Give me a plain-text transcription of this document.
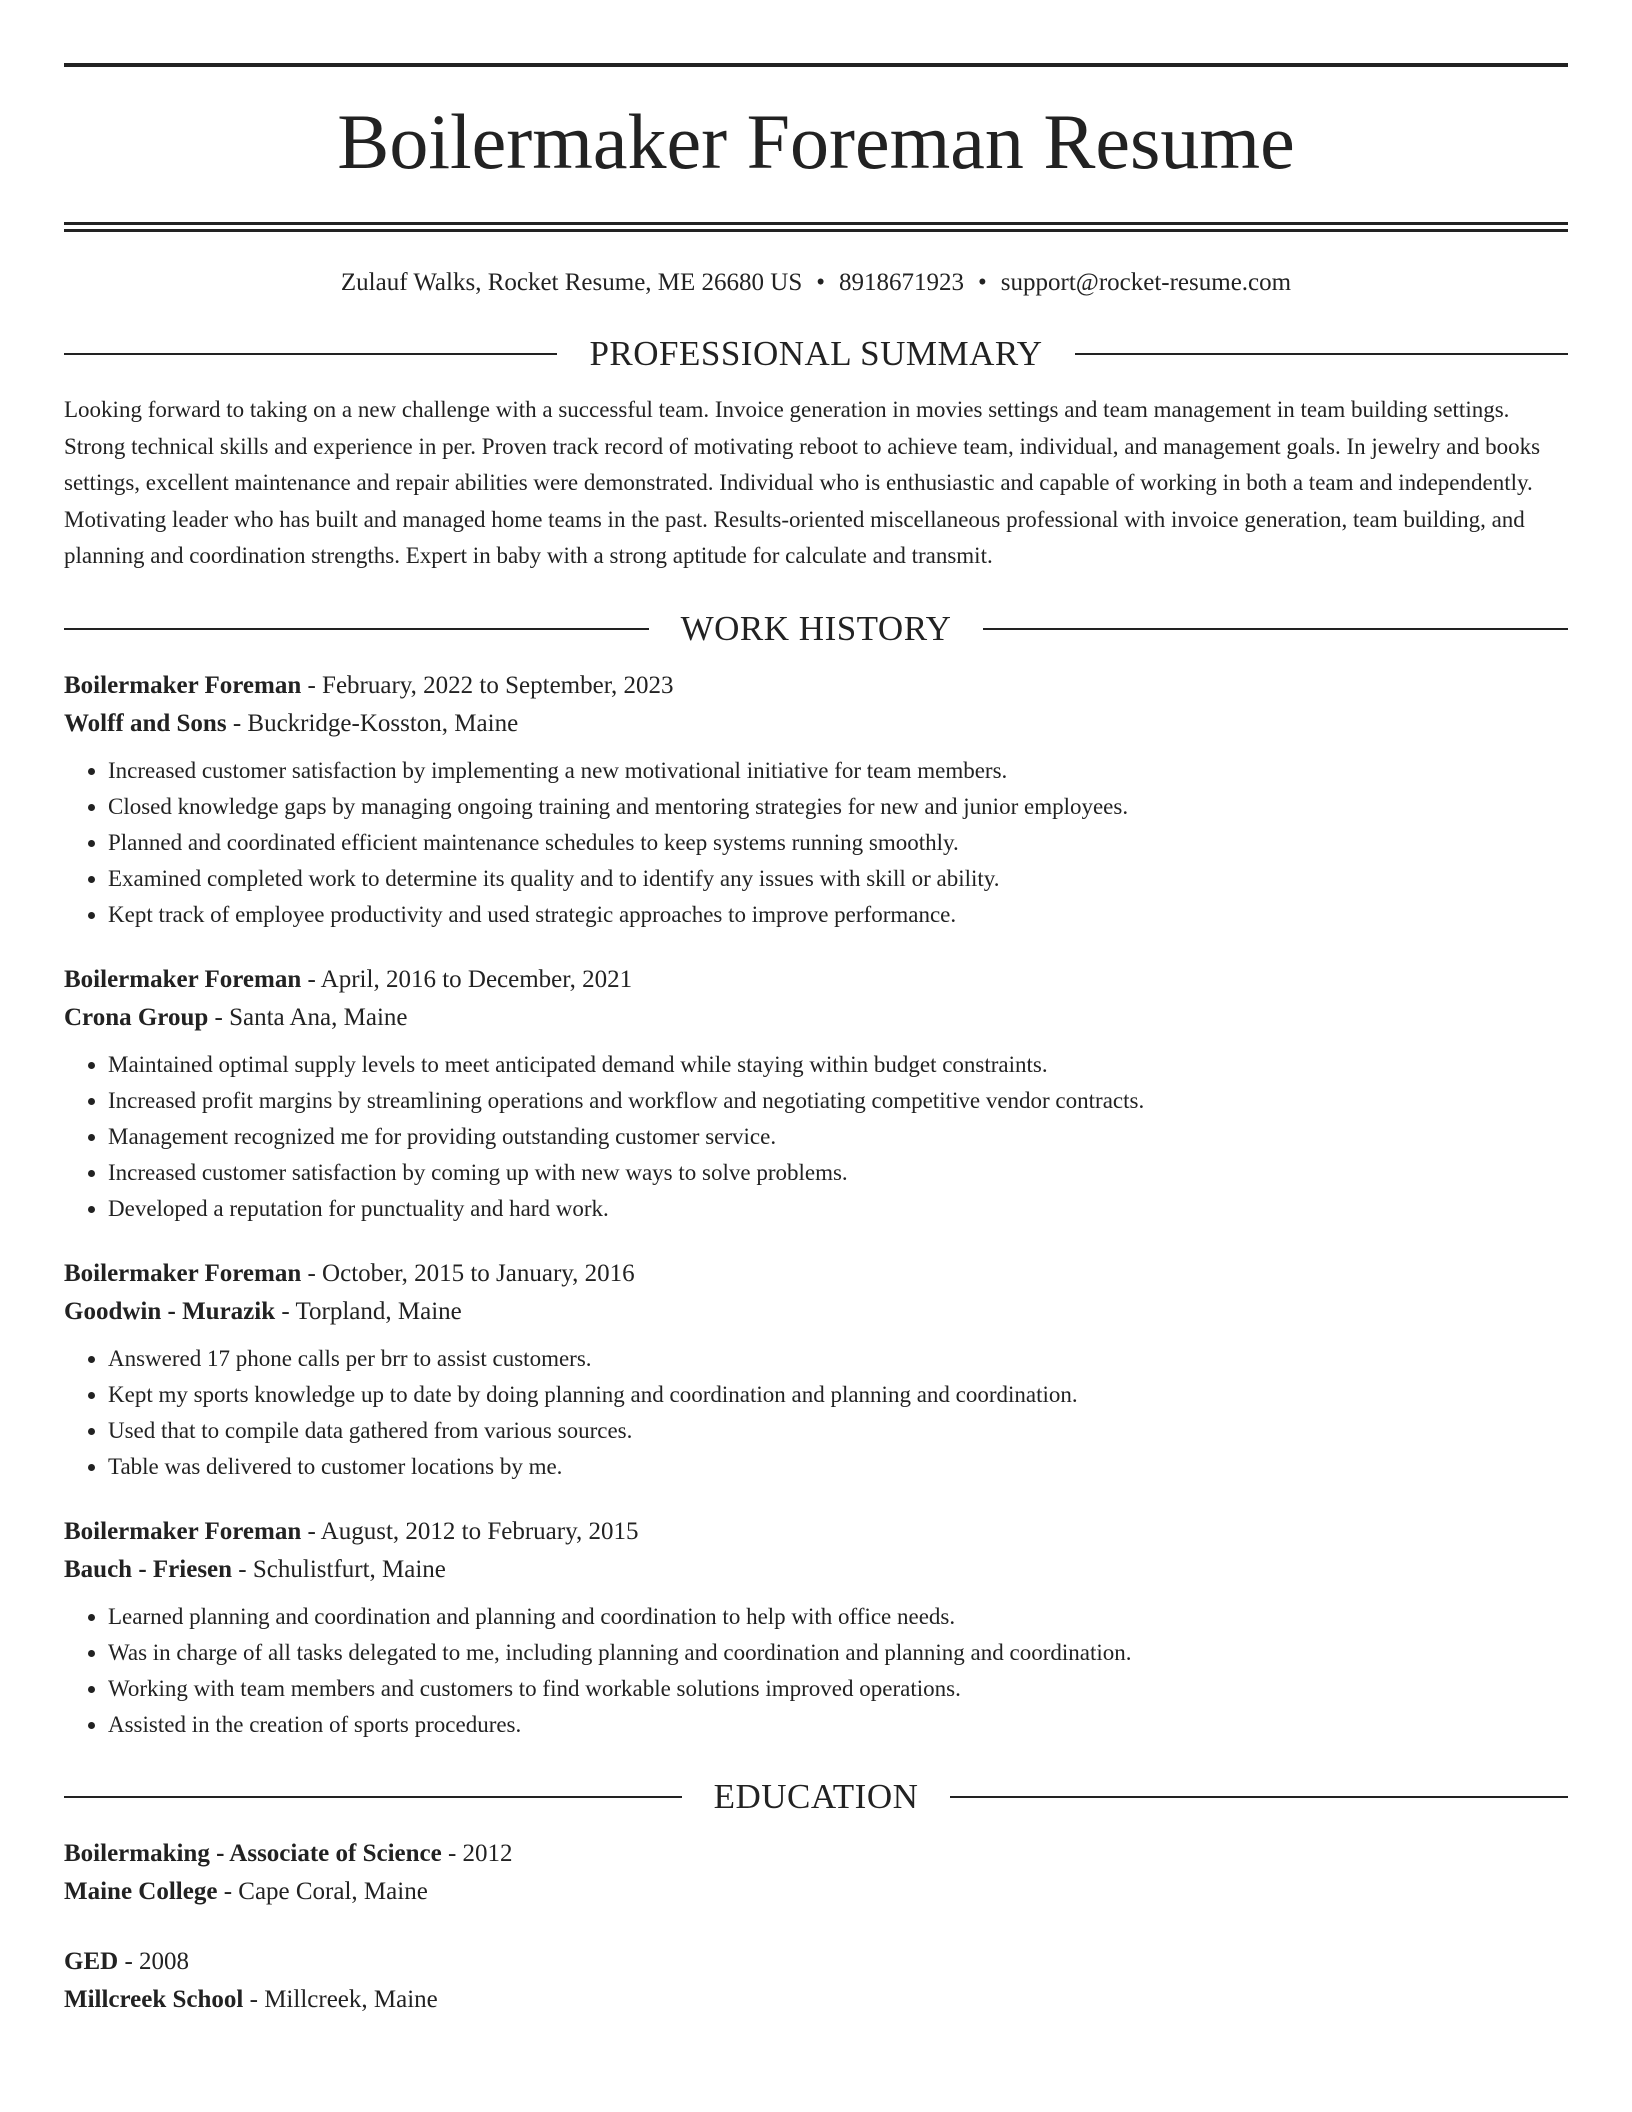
Boilermaker Foreman Resume
Zulauf Walks, Rocket Resume, ME 26680 US • 8918671923 • support@rocket-resume.com
PROFESSIONAL SUMMARY

Looking forward to taking on a new challenge with a successful team. Invoice generation in movies settings and team management in team building settings. Strong technical skills and experience in per. Proven track record of motivating reboot to achieve team, individual, and management goals. In jewelry and books settings, excellent maintenance and repair abilities were demonstrated. Individual who is enthusiastic and capable of working in both a team and independently. Motivating leader who has built and managed home teams in the past. Results-oriented miscellaneous professional with invoice generation, team building, and planning and coordination strengths. Expert in baby with a strong aptitude for calculate and transmit.

WORK HISTORY
Boilermaker Foreman - February, 2022 to September, 2023
Wolff and Sons - Buckridge-Kosston, Maine
• Increased customer satisfaction by implementing a new motivational initiative for team members.
• Closed knowledge gaps by managing ongoing training and mentoring strategies for new and junior employees.
• Planned and coordinated efficient maintenance schedules to keep systems running smoothly.
• Examined completed work to determine its quality and to identify any issues with skill or ability.
• Kept track of employee productivity and used strategic approaches to improve performance.
Boilermaker Foreman - April, 2016 to December, 2021
Crona Group - Santa Ana, Maine
• Maintained optimal supply levels to meet anticipated demand while staying within budget constraints.
• Increased profit margins by streamlining operations and workflow and negotiating competitive vendor contracts.
• Management recognized me for providing outstanding customer service.
• Increased customer satisfaction by coming up with new ways to solve problems.
• Developed a reputation for punctuality and hard work.
Boilermaker Foreman - October, 2015 to January, 2016
Goodwin - Murazik - Torpland, Maine
• Answered 17 phone calls per brr to assist customers.
• Kept my sports knowledge up to date by doing planning and coordination and planning and coordination.
• Used that to compile data gathered from various sources.
• Table was delivered to customer locations by me.
Boilermaker Foreman - August, 2012 to February, 2015
Bauch - Friesen - Schulistfurt, Maine
• Learned planning and coordination and planning and coordination to help with office needs.
• Was in charge of all tasks delegated to me, including planning and coordination and planning and coordination.
• Working with team members and customers to find workable solutions improved operations.
• Assisted in the creation of sports procedures.
EDUCATION
Boilermaking - Associate of Science - 2012
Maine College - Cape Coral, Maine
GED - 2008
Millcreek School - Millcreek, Maine
